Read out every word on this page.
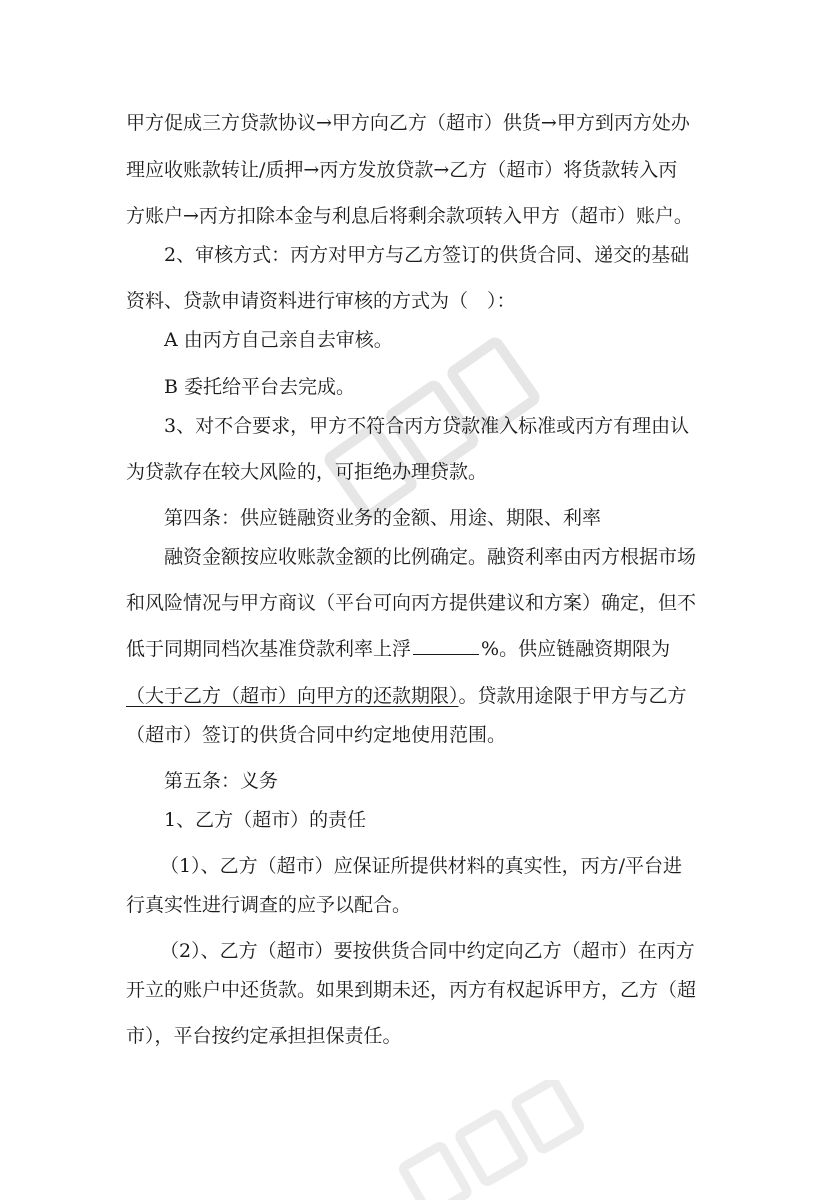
甲方促成三方贷款协议→甲方向乙方（超市）供货→甲方到丙方处办
理应收账款转让/质押→丙方发放贷款→乙方（超市）将货款转入丙
方账户→丙方扣除本金与利息后将剩余款项转入甲方（超市）账户。
2、审核方式：丙方对甲方与乙方签订的供货合同、递交的基础
资料、贷款申请资料进行审核的方式为（　）：
A 由丙方自己亲自去审核。
B 委托给平台去完成。
3、对不合要求，甲方不符合丙方贷款准入标准或丙方有理由认
为贷款存在较大风险的，可拒绝办理贷款。
第四条：供应链融资业务的金额、用途、期限、利率
融资金额按应收账款金额的比例确定。融资利率由丙方根据市场
和风险情况与甲方商议（平台可向丙方提供建议和方案）确定，但不
低于同期同档次基准贷款利率上浮	%。供应链融资期限为
（大于乙方（超市）向甲方的还款期限）。贷款用途限于甲方与乙方
（超市）签订的供货合同中约定地使用范围。
第五条：义务
1、乙方（超市）的责任
（1）、乙方（超市）应保证所提供材料的真实性，丙方/平台进
行真实性进行调查的应予以配合。
（2）、乙方（超市）要按供货合同中约定向乙方（超市）在丙方
开立的账户中还货款。如果到期未还，丙方有权起诉甲方，乙方（超
市），平台按约定承担担保责任。
